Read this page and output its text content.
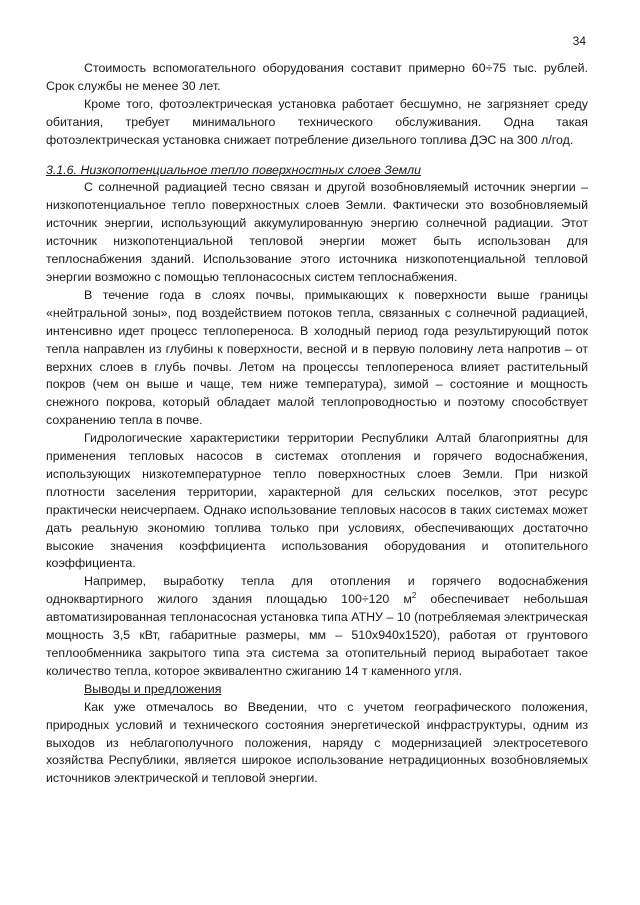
34

Стоимость вспомогательного оборудования составит примерно 60÷75 тыс. рублей. Срок службы не менее 30 лет.

Кроме того, фотоэлектрическая установка работает бесшумно, не загрязняет среду обитания, требует минимального технического обслуживания. Одна такая фотоэлектрическая установка снижает потребление дизельного топлива ДЭС на 300 л/год.

3.1.6. Низкопотенциальное тепло поверхностных слоев Земли

С солнечной радиацией тесно связан и другой возобновляемый источник энергии – низкопотенциальное тепло поверхностных слоев Земли. Фактически это возобновляемый источник энергии, использующий аккумулированную энергию солнечной радиации. Этот источник низкопотенциальной тепловой энергии может быть использован для теплоснабжения зданий. Использование этого источника низкопотенциальной тепловой энергии возможно с помощью теплонасосных систем теплоснабжения.

В течение года в слоях почвы, примыкающих к поверхности выше границы «нейтральной зоны», под воздействием потоков тепла, связанных с солнечной радиацией, интенсивно идет процесс теплопереноса. В холодный период года результирующий поток тепла направлен из глубины к поверхности, весной и в первую половину лета напротив – от верхних слоев в глубь почвы. Летом на процессы теплопереноса влияет растительный покров (чем он выше и чаще, тем ниже температура), зимой – состояние и мощность снежного покрова, который обладает малой теплопроводностью и поэтому способствует сохранению тепла в почве.

Гидрологические характеристики территории Республики Алтай благоприятны для применения тепловых насосов в системах отопления и горячего водоснабжения, использующих низкотемпературное тепло поверхностных слоев Земли. При низкой плотности заселения территории, характерной для сельских поселков, этот ресурс практически неисчерпаем. Однако использование тепловых насосов в таких системах может дать реальную экономию топлива только при условиях, обеспечивающих достаточно высокие значения коэффициента использования оборудования и отопительного коэффициента.

Например, выработку тепла для отопления и горячего водоснабжения одноквартирного жилого здания площадью 100÷120 $м^2$ обеспечивает небольшая автоматизированная теплонасосная установка типа АТНУ – 10 (потребляемая электрическая мощность 3,5 кВт, габаритные размеры, мм – 510х940х1520), работая от грунтового теплообменника закрытого типа эта система за отопительный период выработает такое количество тепла, которое эквивалентно сжиганию 14 т каменного угля.

Выводы и предложения

Как уже отмечалось во Введении, что с учетом географического положения, природных условий и технического состояния энергетической инфраструктуры, одним из выходов из неблагополучного положения, наряду с модернизацией электросетевого хозяйства Республики, является широкое использование нетрадиционных возобновляемых источников электрической и тепловой энергии.
